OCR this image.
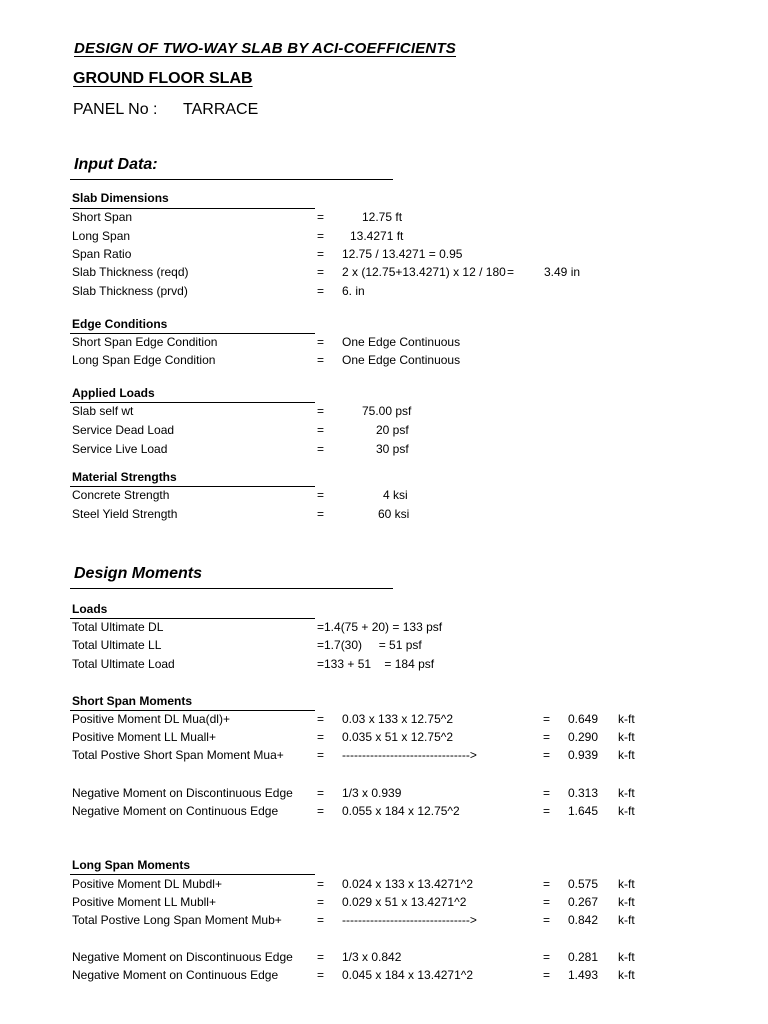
DESIGN OF TWO-WAY SLAB BY ACI-COEFFICIENTS
GROUND FLOOR SLAB
PANEL No : TARRACE
Input Data:
Slab Dimensions
Short Span	=	12.75 ft
Long Span	= 13.4271 ft
Span Ratio	= 12.75 / 13.4271 = 0.95
Slab Thickness (reqd)	= 2 x (12.75+13.4271) x 12 / 180 = 3.49 in
Slab Thickness (prvd)	= 6. in
Edge Conditions
Short Span Edge Condition	= One Edge Continuous
Long Span Edge Condition	= One Edge Continuous
Applied Loads
Slab self wt	=	75.00 psf
Service Dead Load	=	20 psf
Service Live Load	=	30 psf
Material Strengths
Concrete Strength	=	4 ksi
Steel Yield Strength	=	60 ksi
Design Moments
Loads
Total Ultimate DL	=1.4(75 + 20) = 133 psf
Total Ultimate LL	=1.7(30)     = 51 psf
Total Ultimate Load	=133 + 51    = 184 psf
Short Span Moments
Positive Moment DL Mua(dl)+	= 0.03 x 133 x 12.75^2	= 0.649	k-ft
Positive Moment LL Muall+	= 0.035 x 51 x 12.75^2	= 0.290	k-ft
Total Postive Short Span Moment Mua+	= -------------------------------->	= 0.939	k-ft
Negative Moment on Discontinuous Edge = 1/3 x 0.939	= 0.313	k-ft
Negative Moment on Continuous Edge	= 0.055 x 184 x 12.75^2	= 1.645	k-ft
Long Span Moments
Positive Moment DL Mubdl+	= 0.024 x 133 x 13.4271^2	= 0.575	k-ft
Positive Moment LL Mubll+	= 0.029 x 51 x 13.4271^2	= 0.267	k-ft
Total Postive Long Span Moment Mub+	= -------------------------------->	= 0.842	k-ft
Negative Moment on Discontinuous Edge = 1/3 x 0.842	= 0.281	k-ft
Negative Moment on Continuous Edge	= 0.045 x 184 x 13.4271^2	= 1.493	k-ft
